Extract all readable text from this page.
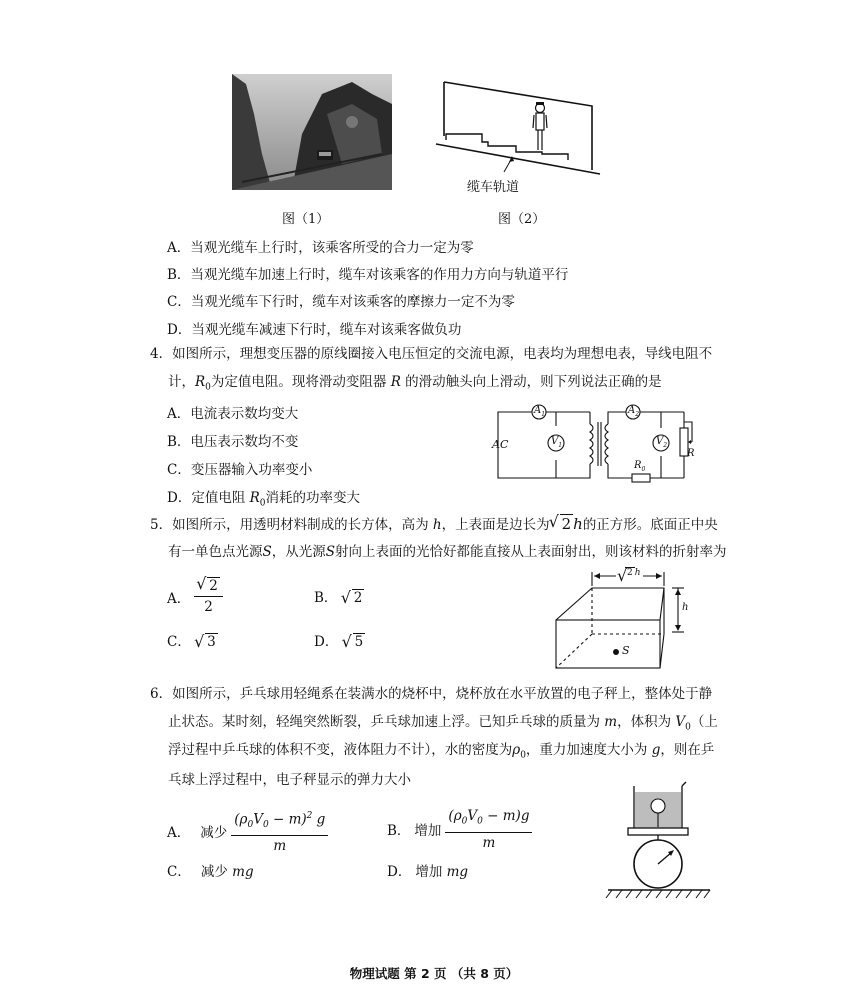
图（1）
缆车轨道
图（2）
A．当观光缆车上行时，该乘客所受的合力一定为零
B．当观光缆车加速上行时，缆车对该乘客的作用力方向与轨道平行
C．当观光缆车下行时，缆车对该乘客的摩擦力一定不为零
D．当观光缆车减速下行时，缆车对该乘客做负功
4．如图所示，理想变压器的原线圈接入电压恒定的交流电源，电表均为理想电表，导线电阻不
计，$R_0$为定值电阻。现将滑动变阻器 R 的滑动触头向上滑动，则下列说法正确的是
A．电流表示数均变大
B．电压表示数均不变
C．变压器输入功率变小
D．定值电阻 $R_0$消耗的功率变大
AC
$A_1$	$A_2$
$V_1$	$V_2$
R
$R_0$
5．如图所示，用透明材料制成的长方体，高为 h，上表面是边长为 √ 2 h的正方形。底面正中央
有一单色点光源S，从光源S射向上表面的光恰好都能直接从上表面射出，则该材料的折射率为
A． √ $\frac{2}{2}$	B． √ 2
C． √ 3	D． √ 5
√ 2 h
h
S
6．如图所示，乒乓球用轻绳系在装满水的烧杯中，烧杯放在水平放置的电子秤上，整体处于静
止状态。某时刻，轻绳突然断裂，乒乓球加速上浮。已知乒乓球的质量为 m，体积为 $V_0$（上
浮过程中乒乓球的体积不变，液体阻力不计），水的密度为$\rho_0$，重力加速度大小为 g，则在乒
乓球上浮过程中，电子秤显示的弹力大小
A． 减少 $\frac{(\rho_0V_0 - m)^2 g}{m}$	B． 增加 $\frac{(\rho_0V_0 - m)g}{m}$
C． 减少 mg	D． 增加 mg
物理试题 第 2 页 （共 8 页）
